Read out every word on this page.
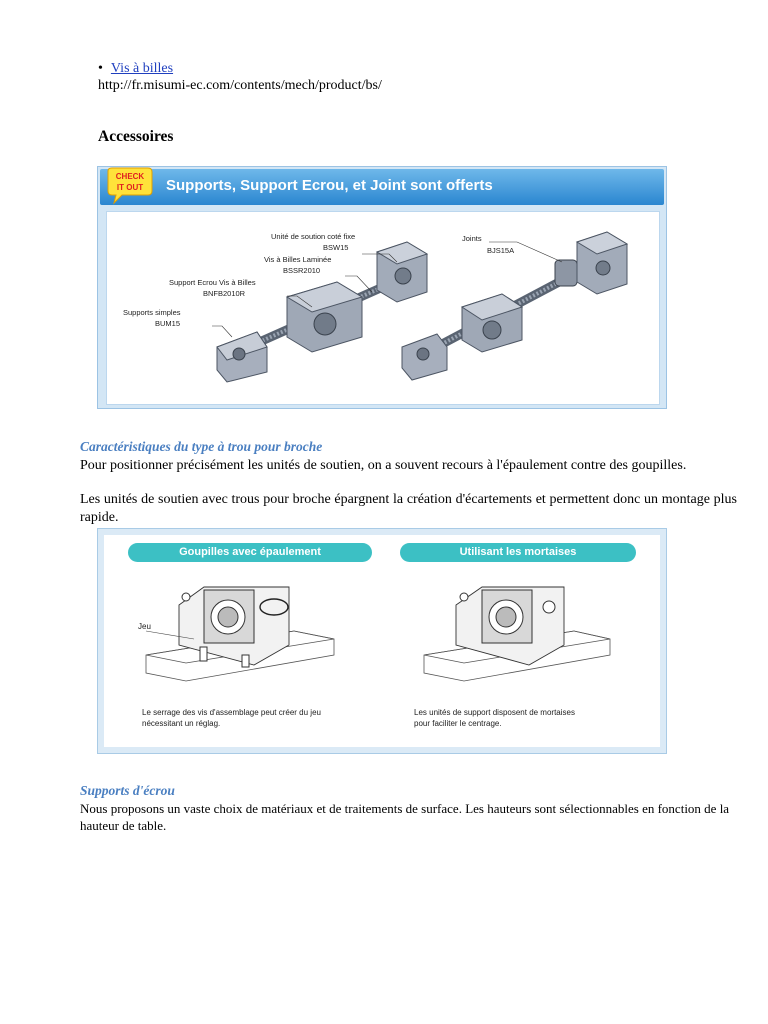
• Vis à billes
http://fr.misumi-ec.com/contents/mech/product/bs/
Accessoires
Supports, Support Ecrou, et Joint sont offerts
CHECK
IT OUT
Unité de soution coté fixe
BSW15
Vis à Billes Laminée
BSSR2010
Support Ecrou Vis à Billes
BNFB2010R
Supports simples
BUM15
Joints
BJS15A
Caractéristiques du type à trou pour broche
Pour positionner précisément les unités de soutien, on a souvent recours à l'épaulement contre des goupilles.
Les unités de soutien avec trous pour broche épargnent la création d'écartements et permettent donc un montage plus rapide.
Goupilles avec épaulement	Utilisant les mortaises
Jeu
Le serrage des vis d'assemblage peut créer du jeu
nécessitant un réglag.
Les unités de support disposent de mortaises
pour faciliter le centrage.
Supports d'écrou
Nous proposons un vaste choix de matériaux et de traitements de surface. Les hauteurs sont sélectionnables en fonction de la hauteur de table.
